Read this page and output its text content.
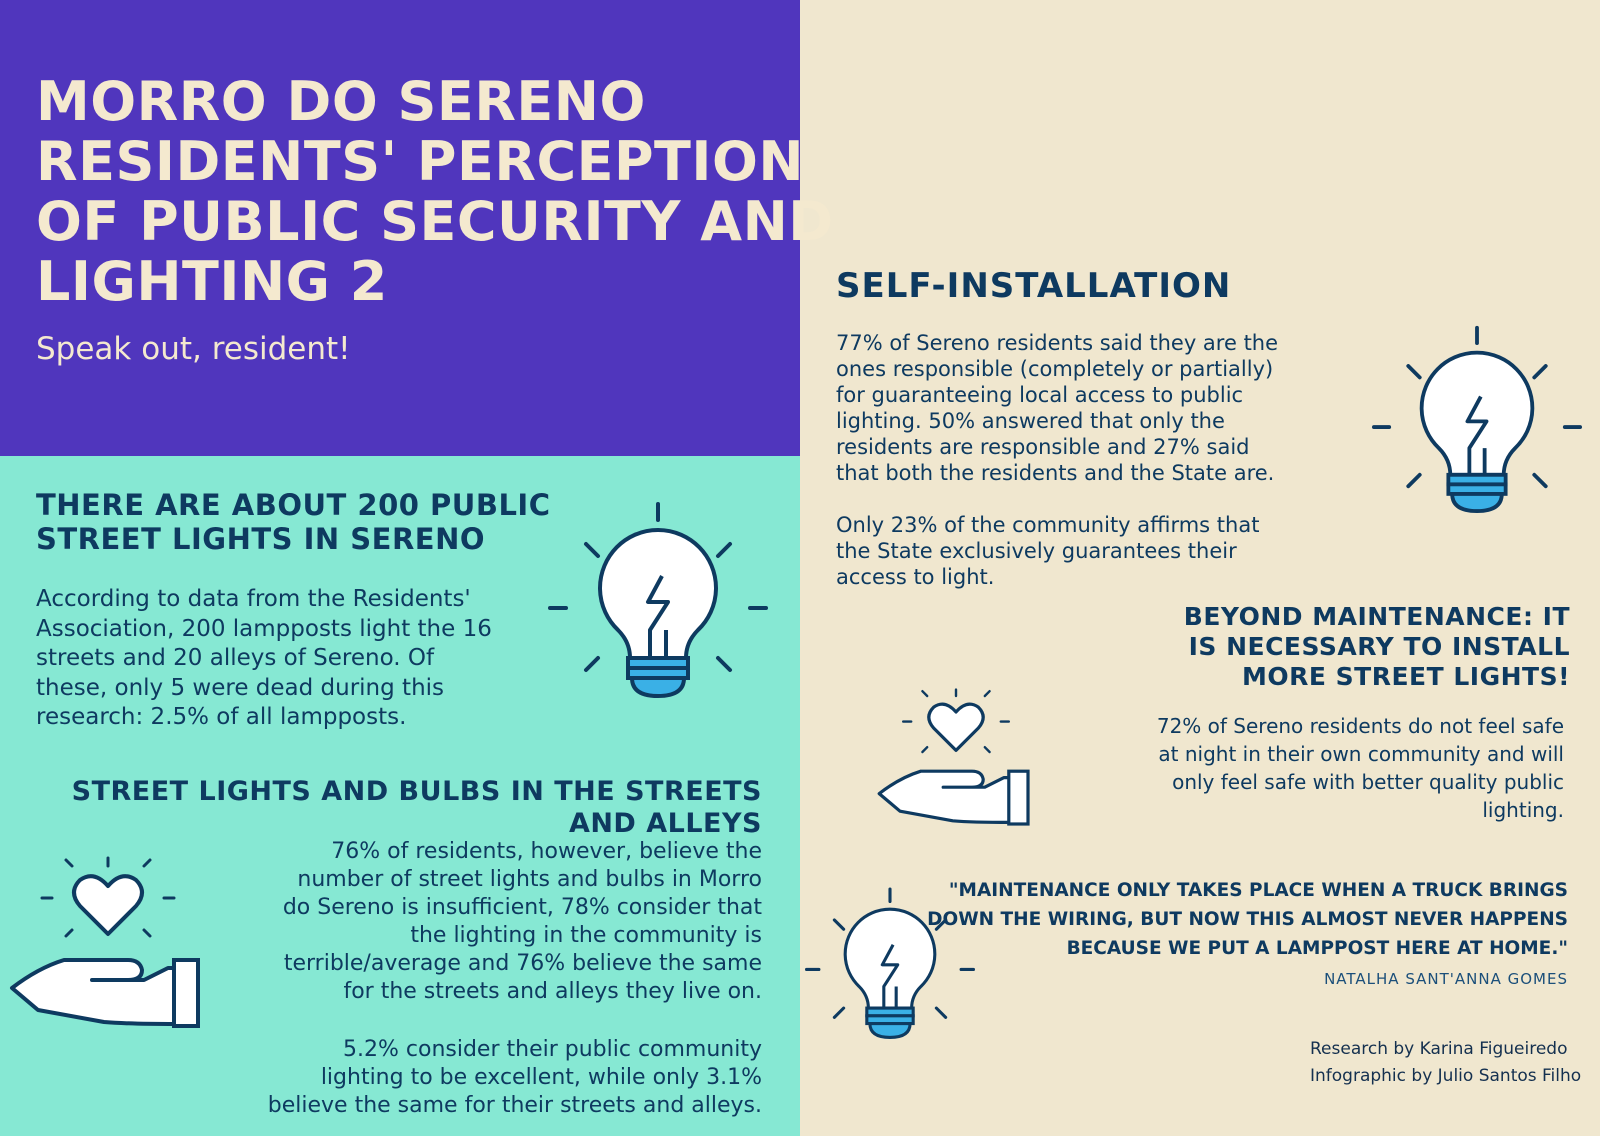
MORRO DO SERENO

RESIDENTS' PERCEPTION

OF PUBLIC SECURITY AND

LIGHTING 2

Speak out, resident!

THERE ARE ABOUT 200 PUBLIC

STREET LIGHTS IN SERENO

According to data from the Residents'

Association, 200 lampposts light the 16

streets and 20 alleys of Sereno. Of

these, only 5 were dead during this

research: 2.5% of all lampposts.

STREET LIGHTS AND BULBS IN THE STREETS

AND ALLEYS

76% of residents, however, believe the

number of street lights and bulbs in Morro

do Sereno is insufficient, 78% consider that

the lighting in the community is

terrible/average and 76% believe the same

for the streets and alleys they live on.

5.2% consider their public community

lighting to be excellent, while only 3.1%

believe the same for their streets and alleys.

SELF-INSTALLATION

77% of Sereno residents said they are the

ones responsible (completely or partially)

for guaranteeing local access to public

lighting. 50% answered that only the

residents are responsible and 27% said

that both the residents and the State are.

Only 23% of the community affirms that

the State exclusively guarantees their

access to light.

BEYOND MAINTENANCE: IT

IS NECESSARY TO INSTALL

MORE STREET LIGHTS!

72% of Sereno residents do not feel safe

at night in their own community and will

only feel safe with better quality public

lighting.

"MAINTENANCE ONLY TAKES PLACE WHEN A TRUCK BRINGS

DOWN THE WIRING, BUT NOW THIS ALMOST NEVER HAPPENS

BECAUSE WE PUT A LAMPPOST HERE AT HOME."

NATALHA SANT'ANNA GOMES

Research by Karina Figueiredo

Infographic by Julio Santos Filho
